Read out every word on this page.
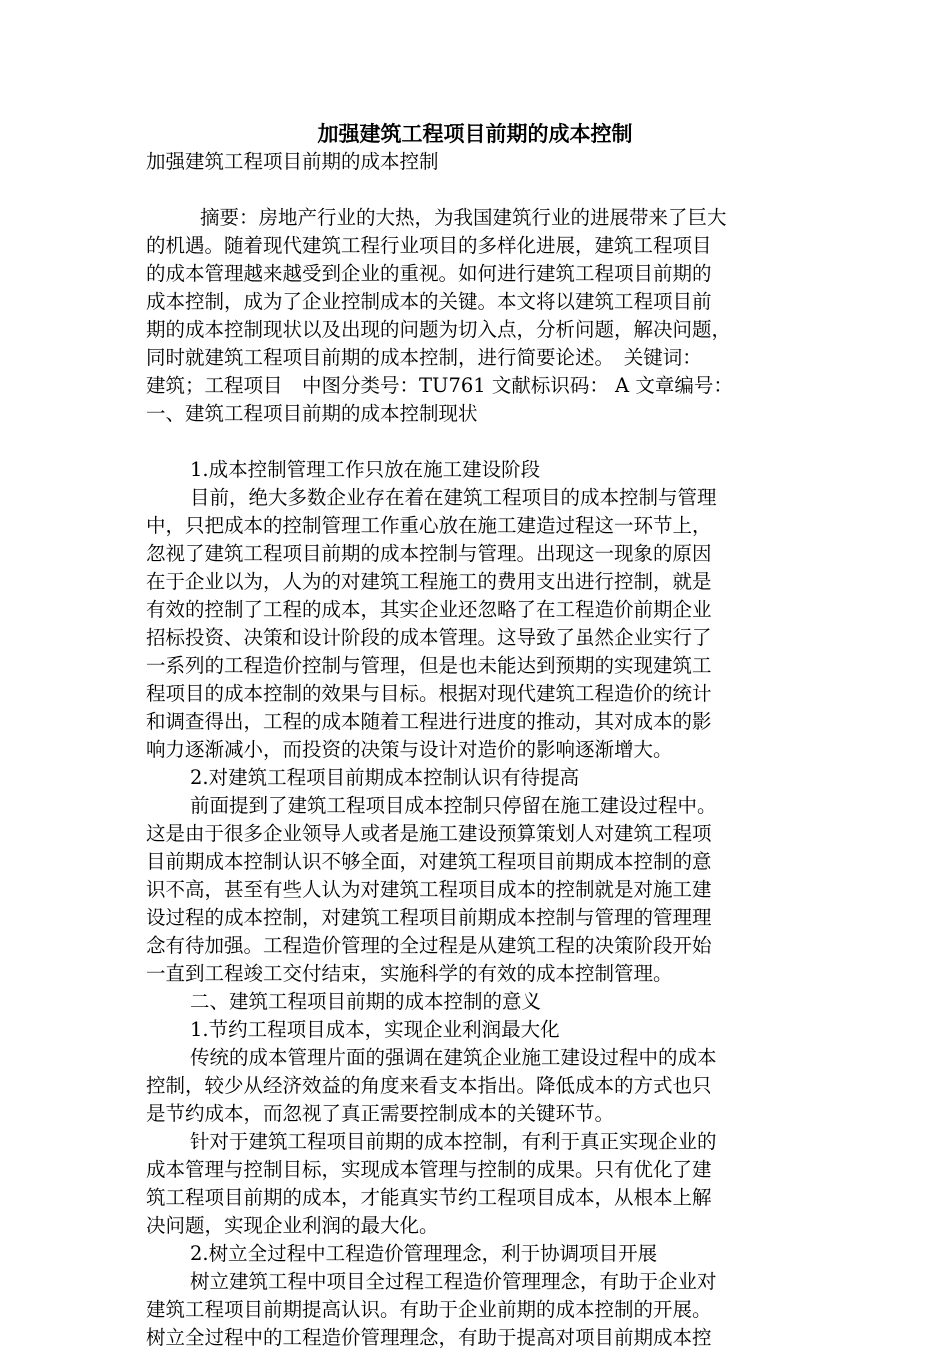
加强建筑工程项目前期的成本控制
加强建筑工程项目前期的成本控制
摘要：房地产行业的大热，为我国建筑行业的进展带来了巨大
的机遇。随着现代建筑工程行业项目的多样化进展，建筑工程项目
的成本管理越来越受到企业的重视。如何进行建筑工程项目前期的
成本控制，成为了企业控制成本的关键。本文将以建筑工程项目前
期的成本控制现状以及出现的问题为切入点，分析问题，解决问题，
同时就建筑工程项目前期的成本控制，进行简要论述。　关键词：
建筑；工程项目　中图分类号：TU761 文献标识码： A 文章编号：
一、建筑工程项目前期的成本控制现状
1.成本控制管理工作只放在施工建设阶段
目前，绝大多数企业存在着在建筑工程项目的成本控制与管理
中，只把成本的控制管理工作重心放在施工建造过程这一环节上，
忽视了建筑工程项目前期的成本控制与管理。出现这一现象的原因
在于企业以为，人为的对建筑工程施工的费用支出进行控制，就是
有效的控制了工程的成本，其实企业还忽略了在工程造价前期企业
招标投资、决策和设计阶段的成本管理。这导致了虽然企业实行了
一系列的工程造价控制与管理，但是也未能达到预期的实现建筑工
程项目的成本控制的效果与目标。根据对现代建筑工程造价的统计
和调查得出，工程的成本随着工程进行进度的推动，其对成本的影
响力逐渐减小，而投资的决策与设计对造价的影响逐渐增大。
2.对建筑工程项目前期成本控制认识有待提高
前面提到了建筑工程项目成本控制只停留在施工建设过程中。
这是由于很多企业领导人或者是施工建设预算策划人对建筑工程项
目前期成本控制认识不够全面，对建筑工程项目前期成本控制的意
识不高，甚至有些人认为对建筑工程项目成本的控制就是对施工建
设过程的成本控制，对建筑工程项目前期成本控制与管理的管理理
念有待加强。工程造价管理的全过程是从建筑工程的决策阶段开始
一直到工程竣工交付结束，实施科学的有效的成本控制管理。
二、建筑工程项目前期的成本控制的意义
1.节约工程项目成本，实现企业利润最大化
传统的成本管理片面的强调在建筑企业施工建设过程中的成本
控制，较少从经济效益的角度来看支本指出。降低成本的方式也只
是节约成本，而忽视了真正需要控制成本的关键环节。
针对于建筑工程项目前期的成本控制，有利于真正实现企业的
成本管理与控制目标，实现成本管理与控制的成果。只有优化了建
筑工程项目前期的成本，才能真实节约工程项目成本，从根本上解
决问题，实现企业利润的最大化。
2.树立全过程中工程造价管理理念，利于协调项目开展
树立建筑工程中项目全过程工程造价管理理念，有助于企业对
建筑工程项目前期提高认识。有助于企业前期的成本控制的开展。
树立全过程中的工程造价管理理念，有助于提高对项目前期成本控
